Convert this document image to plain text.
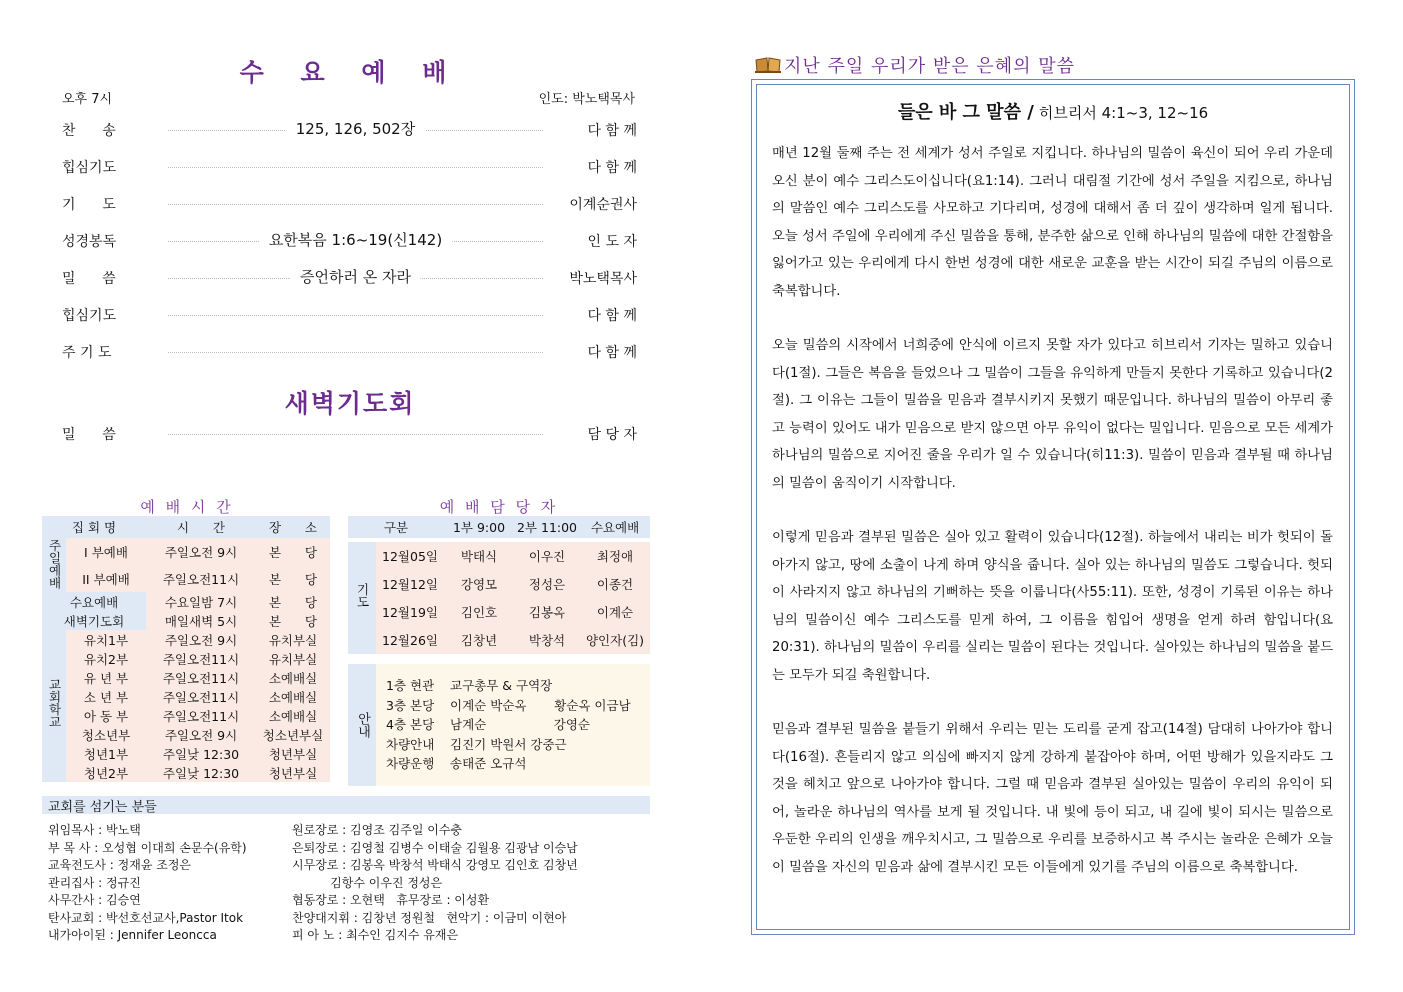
수 요 예 배
오후 7시	인도: 박노택목사
찬      송	125, 126, 502장	다 함 께
힙심기도	다 함 께
기      도	이계순권사
성경봉독	요한복음 1:6~19(신142)	인 도 자
밀      씀	증언하러 온 자라	박노택목사
힙심기도	다 함 께
주 기 도	다 함 께
새벽기도회
밀      씀	담 당 자
예 배 시 간
집 회 명		시      간	장      소
주일예배	I 부예배	주일오전 9시	본      당
	II 부예배	주일오전11시	본      당
수요예배		수요일밤 7시	본      당
새벽기도회		매일새벽 5시	본      당
교회학교	유치1부	주일오전 9시	유치부실
	유치2부	주일오전11시	유치부실
	유 년 부	주일오전11시	소예배실
	소 년 부	주일오전11시	소예배실
	아 동 부	주일오전11시	소예배실
	청소년부	주일오전 9시	청소년부실
	청년1부	주일낮 12:30	청년부실
	청년2부	주일낮 12:30	청년부실
예 배 담 당 자
구분		1부 9:00	2부 11:00	수요예배

기도	12월05일	박태식	이우진	최정애
	12월12일	강영모	정성은	이종건
	12월19일	김인호	김봉옥	이계순
	12월26일	김창년	박창석	양인자(김)
안내
1층 현관 교구총무 & 구역장
3층 본당 이계순 박순옥       황순옥 이금남
4층 본당 남계순                 강영순
차량안내 김진기 박원서 강중근
차량운행 송태준 오규석
교회를 섬기는 분들
위임목사 : 박노택
부 목 사 : 오성협 이대희 손문수(유학)
교육전도사 : 정재윤 조정은
관리집사 : 정규진
사무간사 : 김승연
탄사교회 : 박선호선교사,Pastor Itok
내가아이된 : Jennifer Leoncca
원로장로 : 김영조 김주일 이수충
은퇴장로 : 김영철 김병수 이태술 김월용 김광남 이승남
시무장로 : 김봉옥 박창석 박태식 강영모 김인호 김창년
김항수 이우진 정성은
협동장로 : 오현택   휴무장로 : 이성환
찬양대지휘 : 김창년 정원철   현악기 : 이금미 이현아
피 아 노 : 최수인 김지수 유재은
지난 주일 우리가 받은 은혜의 말씀
들은 바 그 말씀 / 히브리서 4:1~3, 12~16

매년 12월 둘째 주는 전 세계가 성서 주일로 지킵니다. 하나님의 밀씀이 육신이 되어 우리 가운데 오신 분이 예수 그리스도이십니다(요1:14). 그러니 대림절 기간에 성서 주일을 지킴으로, 하나님의 말씀인 예수 그리스도를 사모하고 기다리며, 성경에 대해서 좀 더 깊이 생각하며 일게 됩니다. 오늘 성서 주일에 우리에게 주신 밀씀을 통해, 분주한 삶으로 인해 하나님의 밀씀에 대한 간절함을 잃어가고 있는 우리에게 다시 한번 성경에 대한 새로운 교훈을 받는 시간이 되길 주님의 이름으로 축복합니다.

오늘 밀씀의 시작에서 너희중에 안식에 이르지 못할 자가 있다고 히브리서 기자는 밀하고 있습니다(1절). 그들은 복음을 들었으나 그 밀씀이 그들을 유익하게 만들지 못한다 기록하고 있습니다(2절). 그 이유는 그들이 밀씀을 믿음과 결부시키지 못했기 때문입니다. 하나님의 밀씀이 아무리 좋고 능력이 있어도 내가 믿음으로 받지 않으면 아무 유익이 없다는 밀입니다. 믿음으로 모든 세계가 하나님의 밀씀으로 지어진 줄을 우리가 일 수 있습니다(히11:3). 밀씀이 믿음과 결부될 때 하나님의 밀씀이 움직이기 시작합니다.

이렇게 믿음과 결부된 밀씀은 실아 있고 활력이 있습니다(12절). 하늘에서 내리는 비가 헛되이 돌아가지 않고, 땅에 소출이 나게 하며 양식을 줍니다. 실아 있는 하나님의 밀씀도 그렇습니다. 헛되이 사라지지 않고 하나님의 기뻐하는 뜻을 이룹니다(사55:11). 또한, 성경이 기록된 이유는 하나님의 밀씀이신 예수 그리스도를 믿게 하여, 그 이름을 힘입어 생명을 얻게 하려 함입니다(요20:31). 하나님의 밀씀이 우리를 실리는 밀씀이 된다는 것입니다. 실아있는 하나님의 밀씀을 붙드는 모두가 되길 축원합니다.

믿음과 결부된 밀씀을 붙들기 위해서 우리는 믿는 도리를 굳게 잡고(14절) 담대히 나아가야 합니다(16절). 흔들리지 않고 의심에 빠지지 않게 강하게 붙잡아야 하며, 어떤 방해가 있을지라도 그것을 헤치고 앞으로 나아가야 합니다. 그럴 때 믿음과 결부된 실아있는 밀씀이 우리의 유익이 되어, 놀라운 하나님의 역사를 보게 될 것입니다. 내 빛에 등이 되고, 내 길에 빛이 되시는 밀씀으로 우둔한 우리의 인생을 깨우치시고, 그 밀씀으로 우리를 보증하시고 복 주시는 놀라운 은혜가 오늘 이 밀씀을 자신의 믿음과 삶에 결부시킨 모든 이들에게 있기를 주님의 이름으로 축복합니다.
